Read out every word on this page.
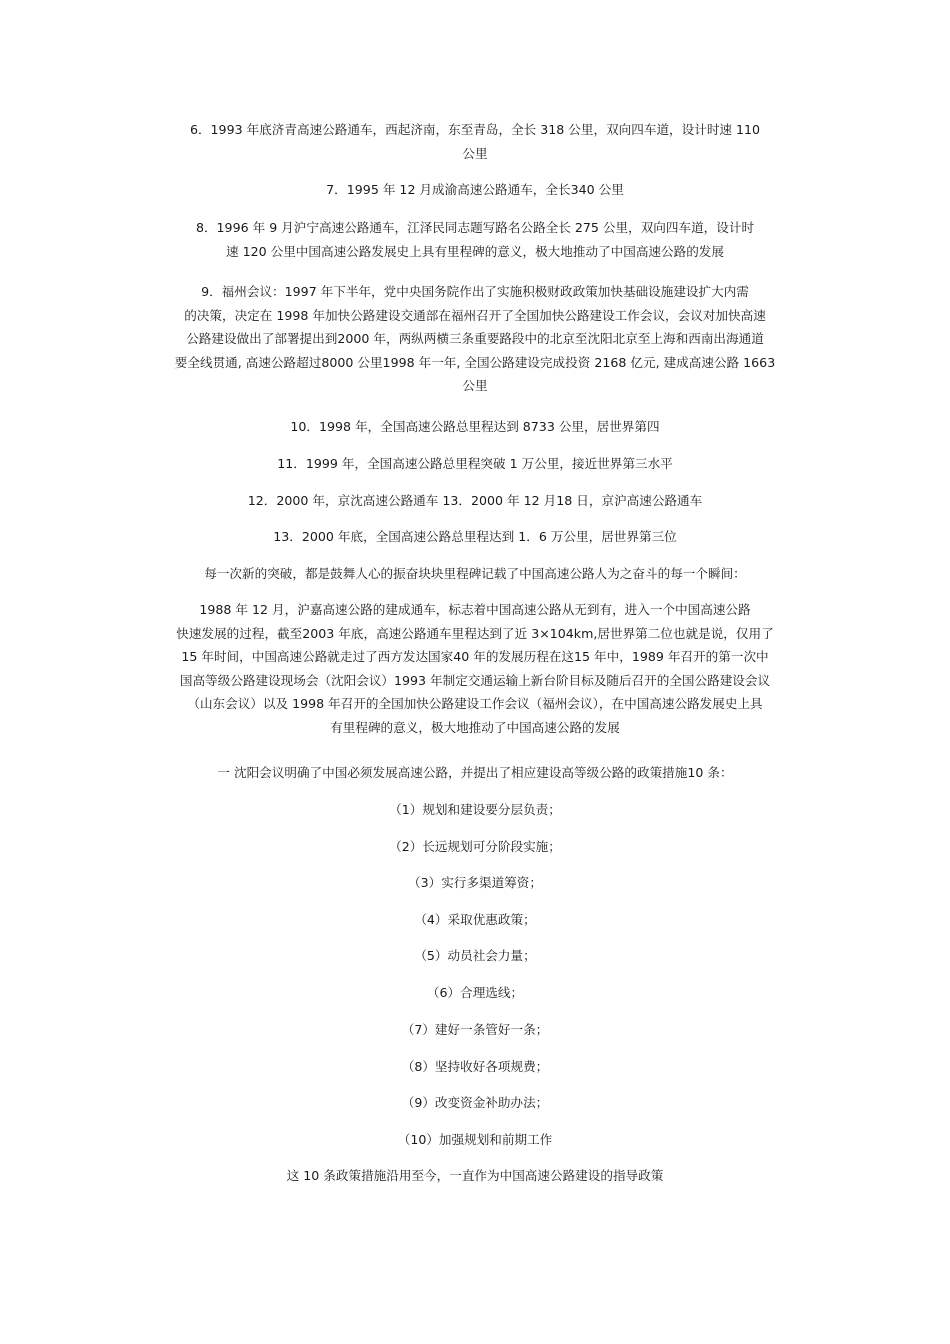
6．1993 年底济青高速公路通车，西起济南，东至青岛，全长 318 公里，双向四车道，设计时速 110
公里

7．1995 年 12 月成渝高速公路通车，全长340 公里

8．1996 年 9 月沪宁高速公路通车，江泽民同志题写路名公路全长 275 公里，双向四车道，设计时
速 120 公里中国高速公路发展史上具有里程碑的意义，极大地推动了中国高速公路的发展

9．福州会议：1997 年下半年，党中央国务院作出了实施积极财政政策加快基础设施建设扩大内需
的决策，决定在 1998 年加快公路建设交通部在福州召开了全国加快公路建设工作会议，会议对加快高速
公路建设做出了部署提出到2000 年，两纵两横三条重要路段中的北京至沈阳北京至上海和西南出海通道
要全线贯通, 高速公路超过8000 公里1998 年一年, 全国公路建设完成投资 2168 亿元, 建成高速公路 1663
公里

10．1998 年，全国高速公路总里程达到 8733 公里，居世界第四

11．1999 年，全国高速公路总里程突破 1 万公里，接近世界第三水平

12．2000 年，京沈高速公路通车 13．2000 年 12 月18 日，京沪高速公路通车

13．2000 年底，全国高速公路总里程达到 1．6 万公里，居世界第三位

每一次新的突破，都是鼓舞人心的振奋块块里程碑记载了中国高速公路人为之奋斗的每一个瞬间：

1988 年 12 月，沪嘉高速公路的建成通车，标志着中国高速公路从无到有，进入一个中国高速公路
快速发展的过程，截至2003 年底，高速公路通车里程达到了近 3×104km,居世界第二位也就是说，仅用了
15 年时间，中国高速公路就走过了西方发达国家40 年的发展历程在这15 年中，1989 年召开的第一次中
国高等级公路建设现场会（沈阳会议）1993 年制定交通运输上新台阶目标及随后召开的全国公路建设会议
（山东会议）以及 1998 年召开的全国加快公路建设工作会议（福州会议），在中国高速公路发展史上具
有里程碑的意义，极大地推动了中国高速公路的发展

一 沈阳会议明确了中国必须发展高速公路，并提出了相应建设高等级公路的政策措施10 条：

（1）规划和建设要分层负责；

（2）长远规划可分阶段实施；

（3）实行多渠道筹资；

（4）采取优惠政策；

（5）动员社会力量；

（6）合理选线；

（7）建好一条管好一条；

（8）坚持收好各项规费；

（9）改变资金补助办法；

（10）加强规划和前期工作

这 10 条政策措施沿用至今，一直作为中国高速公路建设的指导政策
